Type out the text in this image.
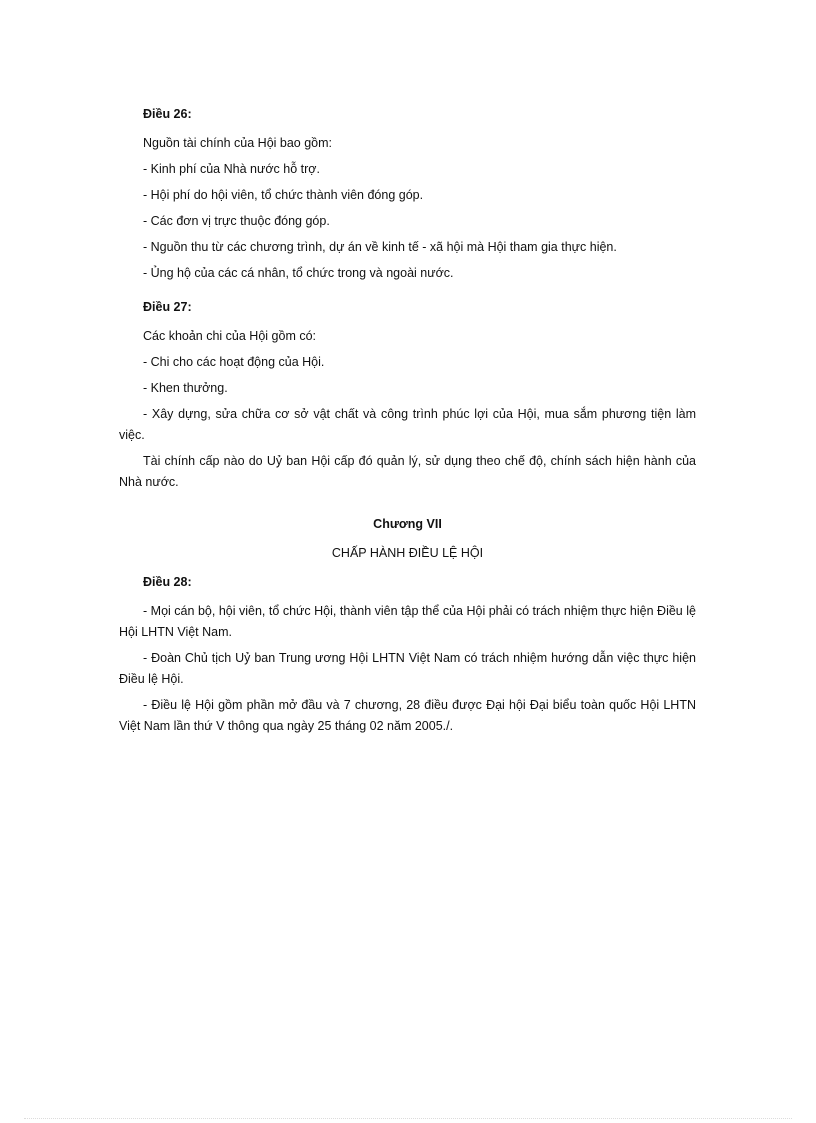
Điều 26:

Nguồn tài chính của Hội bao gồm:

- Kinh phí của Nhà nước hỗ trợ.

- Hội phí do hội viên, tổ chức thành viên đóng góp.

- Các đơn vị trực thuộc đóng góp.

- Nguồn thu từ các chương trình, dự án về kinh tế - xã hội mà Hội tham gia thực hiện.

- Ủng hộ của các cá nhân, tổ chức trong và ngoài nước.

Điều 27:

Các khoản chi của Hội gồm có:

- Chi cho các hoạt động của Hội.

- Khen thưởng.

- Xây dựng, sửa chữa cơ sở vật chất và công trình phúc lợi của Hội, mua sắm phương tiện làm việc.

Tài chính cấp nào do Uỷ ban Hội cấp đó quản lý, sử dụng theo chế độ, chính sách hiện hành của Nhà nước.

Chương VII

CHẤP HÀNH ĐIỀU LỆ HỘI

Điều 28:

- Mọi cán bộ, hội viên, tổ chức Hội, thành viên tập thể của Hội phải có trách nhiệm thực hiện Điều lệ Hội LHTN Việt Nam.

- Đoàn Chủ tịch Uỷ ban Trung ương Hội LHTN Việt Nam có trách nhiệm hướng dẫn việc thực hiện Điều lệ Hội.

- Điều lệ Hội gồm phần mở đầu và 7 chương, 28 điều được Đại hội Đại biểu toàn quốc Hội LHTN Việt Nam lần thứ V thông qua ngày 25 tháng 02 năm 2005./.
